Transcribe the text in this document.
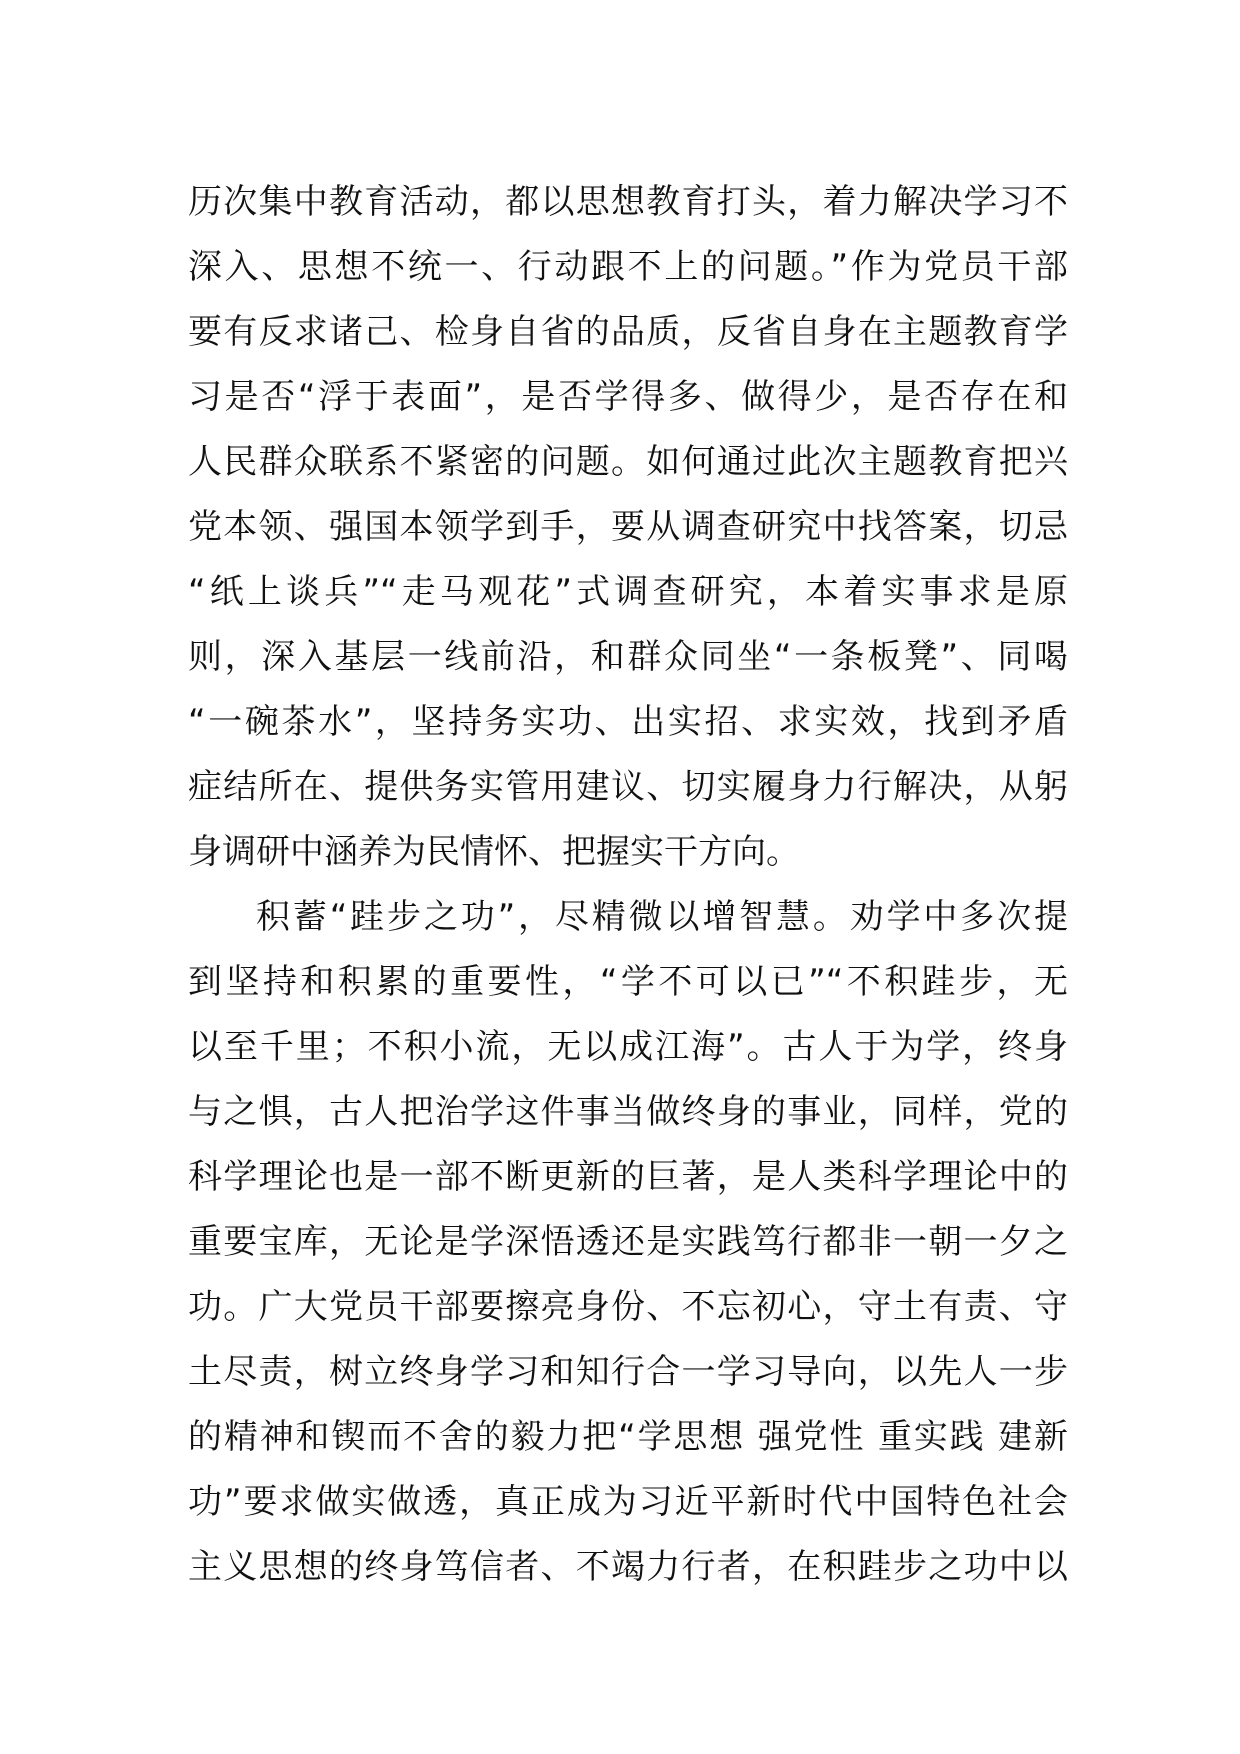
历次集中教育活动，都以思想教育打头，着力解决学习不
深入、思想不统一、行动跟不上的问题。”作为党员干部
要有反求诸己、检身自省的品质，反省自身在主题教育学
习是否“浮于表面”，是否学得多、做得少，是否存在和
人民群众联系不紧密的问题。如何通过此次主题教育把兴
党本领、强国本领学到手，要从调查研究中找答案，切忌
“纸上谈兵”“走马观花”式调查研究，本着实事求是原
则，深入基层一线前沿，和群众同坐“一条板凳”、同喝
“一碗茶水”，坚持务实功、出实招、求实效，找到矛盾
症结所在、提供务实管用建议、切实履身力行解决，从躬
身调研中涵养为民情怀、把握实干方向。
积蓄“跬步之功”，尽精微以增智慧。劝学中多次提
到坚持和积累的重要性，“学不可以已”“不积跬步，无
以至千里；不积小流，无以成江海”。古人于为学，终身
与之惧，古人把治学这件事当做终身的事业，同样，党的
科学理论也是一部不断更新的巨著，是人类科学理论中的
重要宝库，无论是学深悟透还是实践笃行都非一朝一夕之
功。广大党员干部要擦亮身份、不忘初心，守土有责、守
土尽责，树立终身学习和知行合一学习导向，以先人一步
的精神和锲而不舍的毅力把“学思想 强党性 重实践 建新
功”要求做实做透，真正成为习近平新时代中国特色社会
主义思想的终身笃信者、不竭力行者，在积跬步之功中以
